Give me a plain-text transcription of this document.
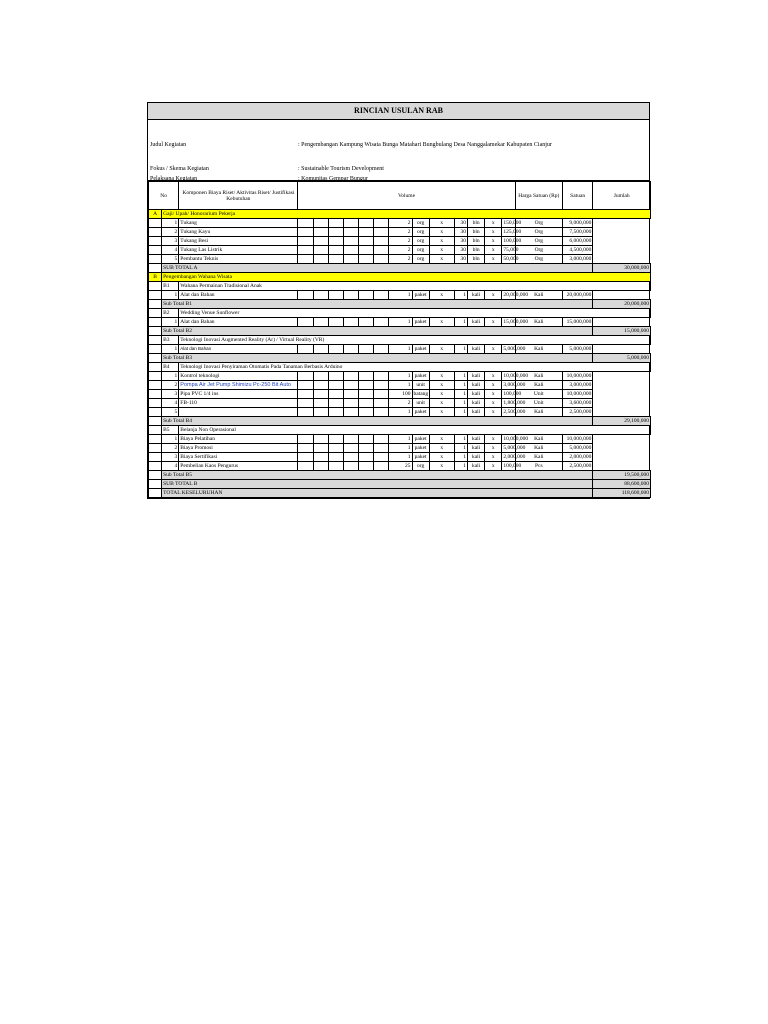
RINCIAN USULAN RAB
Judul Kegiatan	: Pengembangan Kampung Wisata Bunga Matahari Bungbulang Desa Nanggalamekar Kabupaten Cianjur
Fokus / Skema Kegiatan	: Sustainable Tourism Development
Pelaksana Kegiatan	: Komunitas Gempar Bungur
No		Komponen Biaya Riset/ Aktivitas Riset/ Justifikasi Kebutuhan	Volume													Harga Satuan (Rp)	Satuan	Jumlah
A	Gaji/ Upah/ Honorarium Pekerja																	
	1	Tukang							2	org	x	30	bln	x	150,000	Org	9,000,000	
	2	Tukang Kayu							2	org	x	30	bln	x	125,000	Org	7,500,000	
	3	Tukang Besi							2	org	x	30	bln	x	100,000	Org	6,000,000	
	4	Tukang Las Listrik							2	org	x	30	bln	x	75,000	Org	4,500,000	
	5	Pembantu Teknis							2	org	x	30	bln	x	50,000	Org	3,000,000	
	SUB TOTAL A																	30,000,000
B	Pengembangan Wahana Wisata																	
	B1	Wahana Permainan Tradisional Anak																
	1	Alat dan Bahan							1	paket	x	1	kali	x	20,000,000	Kali	20,000,000	
	Sub Total B1																	20,000,000
	B2	Wedding Venue Sunflower																
	1	Alat dan Bahan							1	paket	x	1	kali	x	15,000,000	Kali	15,000,000	
	Sub Total B2																	15,000,000
	B3	Teknologi Inovasi Augmented Reality (Ar) / Virtual Reality (VR)																
	1	Alat dan Bahan							1	paket	x	1	kali	x	5,000,000	Kali	5,000,000	
	Sub Total B3																	5,000,000
	B4	Teknologi Inovasi Penyiraman Otomatis Pada Tanaman Berbasis Arduino																
	1	Kontrol teknologi							1	paket	x	1	kali	x	10,000,000	Kali	10,000,000	
	2	Pompa Air Jet Pump Shimizu Pc-250 Bit Auto							1	unit	x	1	kali	x	3,000,000	Kali	3,000,000	
	3	Pipa PVC 1/4 ins							100	batang	x	1	kali	x	100,000	Unit	10,000,000	
	4	FB-110							2	unit	x	1	kali	x	1,800,000	Unit	3,600,000	
	5								1	paket	x	1	kali	x	2,500,000	Kali	2,500,000	
	Sub Total B4																	29,100,000
	B5	Belanja Non Operasional																
	1	Biaya Pelatihan							1	paket	x	1	kali	x	10,000,000	Kali	10,000,000	
	2	Biaya Promosi							1	paket	x	1	kali	x	5,000,000	Kali	5,000,000	
	3	Biaya Sertifikasi							1	paket	x	1	kali	x	2,000,000	Kali	2,000,000	
	4	Pembelian Kaos Pengurus							25	org	x	1	kali	x	100,000	Pcs	2,500,000	
	Sub Total B5																	19,500,000
	SUB TOTAL B																	88,600,000
	TOTAL KESELURUHAN																	118,600,000
